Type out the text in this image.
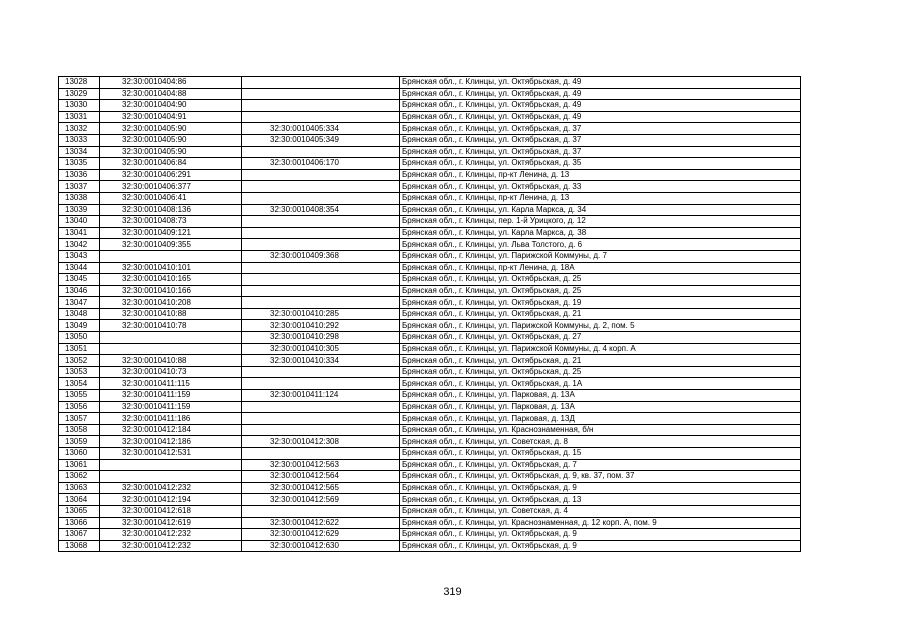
13028	32:30:0010404:86		Брянская обл., г. Клинцы, ул. Октябрьская, д. 49
13029	32:30:0010404:88		Брянская обл., г. Клинцы, ул. Октябрьская, д. 49
13030	32:30:0010404:90		Брянская обл., г. Клинцы, ул. Октябрьская, д. 49
13031	32:30:0010404:91		Брянская обл., г. Клинцы, ул. Октябрьская, д. 49
13032	32:30:0010405:90	32:30:0010405:334	Брянская обл., г. Клинцы, ул. Октябрьская, д. 37
13033	32:30:0010405:90	32:30:0010405:349	Брянская обл., г. Клинцы, ул. Октябрьская, д. 37
13034	32:30:0010405:90		Брянская обл., г. Клинцы, ул. Октябрьская, д. 37
13035	32:30:0010406:84	32:30:0010406:170	Брянская обл., г. Клинцы, ул. Октябрьская, д. 35
13036	32:30:0010406:291		Брянская обл., г. Клинцы, пр-кт Ленина, д. 13
13037	32:30:0010406:377		Брянская обл., г. Клинцы, ул. Октябрьская, д. 33
13038	32:30:0010406:41		Брянская обл., г. Клинцы, пр-кт Ленина, д. 13
13039	32:30:0010408:136	32:30:0010408:354	Брянская обл., г. Клинцы, ул. Карла Маркса, д. 34
13040	32:30:0010408:73		Брянская обл., г. Клинцы, пер. 1-й Урицкого, д. 12
13041	32:30:0010409:121		Брянская обл., г. Клинцы, ул. Карла Маркса, д. 38
13042	32:30:0010409:355		Брянская обл., г. Клинцы, ул. Льва Толстого, д. 6
13043		32:30:0010409:368	Брянская обл., г. Клинцы, ул. Парижской Коммуны, д. 7
13044	32:30:0010410:101		Брянская обл., г. Клинцы, пр-кт Ленина, д. 18А
13045	32:30:0010410:165		Брянская обл., г. Клинцы, ул. Октябрьская, д. 25
13046	32:30:0010410:166		Брянская обл., г. Клинцы, ул. Октябрьская, д. 25
13047	32:30:0010410:208		Брянская обл., г. Клинцы, ул. Октябрьская, д. 19
13048	32:30:0010410:88	32:30:0010410:285	Брянская обл., г. Клинцы, ул. Октябрьская, д. 21
13049	32:30:0010410:78	32:30:0010410:292	Брянская обл., г. Клинцы, ул. Парижской Коммуны, д. 2, пом. 5
13050		32:30:0010410:298	Брянская обл., г. Клинцы, ул. Октябрьская, д. 27
13051		32:30:0010410:305	Брянская обл., г. Клинцы, ул. Парижской Коммуны, д. 4 корп. А
13052	32:30:0010410:88	32:30:0010410:334	Брянская обл., г. Клинцы, ул. Октябрьская, д. 21
13053	32:30:0010410:73		Брянская обл., г. Клинцы, ул. Октябрьская, д. 25
13054	32:30:0010411:115		Брянская обл., г. Клинцы, ул. Октябрьская, д. 1А
13055	32:30:0010411:159	32:30:0010411:124	Брянская обл., г. Клинцы, ул. Парковая, д. 13А
13056	32:30:0010411:159		Брянская обл., г. Клинцы, ул. Парковая, д. 13А
13057	32:30:0010411:186		Брянская обл., г. Клинцы, ул. Парковая, д. 13Д
13058	32:30:0010412:184		Брянская обл., г. Клинцы, ул. Краснознаменная, б/н
13059	32:30:0010412:186	32:30:0010412:308	Брянская обл., г. Клинцы, ул. Советская, д. 8
13060	32:30:0010412:531		Брянская обл., г. Клинцы, ул. Октябрьская, д. 15
13061		32:30:0010412:563	Брянская обл., г. Клинцы, ул. Октябрьская, д. 7
13062		32:30:0010412:564	Брянская обл., г. Клинцы, ул. Октябрьская, д. 9, кв. 37, пом. 37
13063	32:30:0010412:232	32:30:0010412:565	Брянская обл., г. Клинцы, ул. Октябрьская, д. 9
13064	32:30:0010412:194	32:30:0010412:569	Брянская обл., г. Клинцы, ул. Октябрьская, д. 13
13065	32:30:0010412:618		Брянская обл., г. Клинцы, ул. Советская, д. 4
13066	32:30:0010412:619	32:30:0010412:622	Брянская обл., г. Клинцы, ул. Краснознаменная, д. 12 корп. А, пом. 9
13067	32:30:0010412:232	32:30:0010412:629	Брянская обл., г. Клинцы, ул. Октябрьская, д. 9
13068	32:30:0010412:232	32:30:0010412:630	Брянская обл., г. Клинцы, ул. Октябрьская, д. 9
319
